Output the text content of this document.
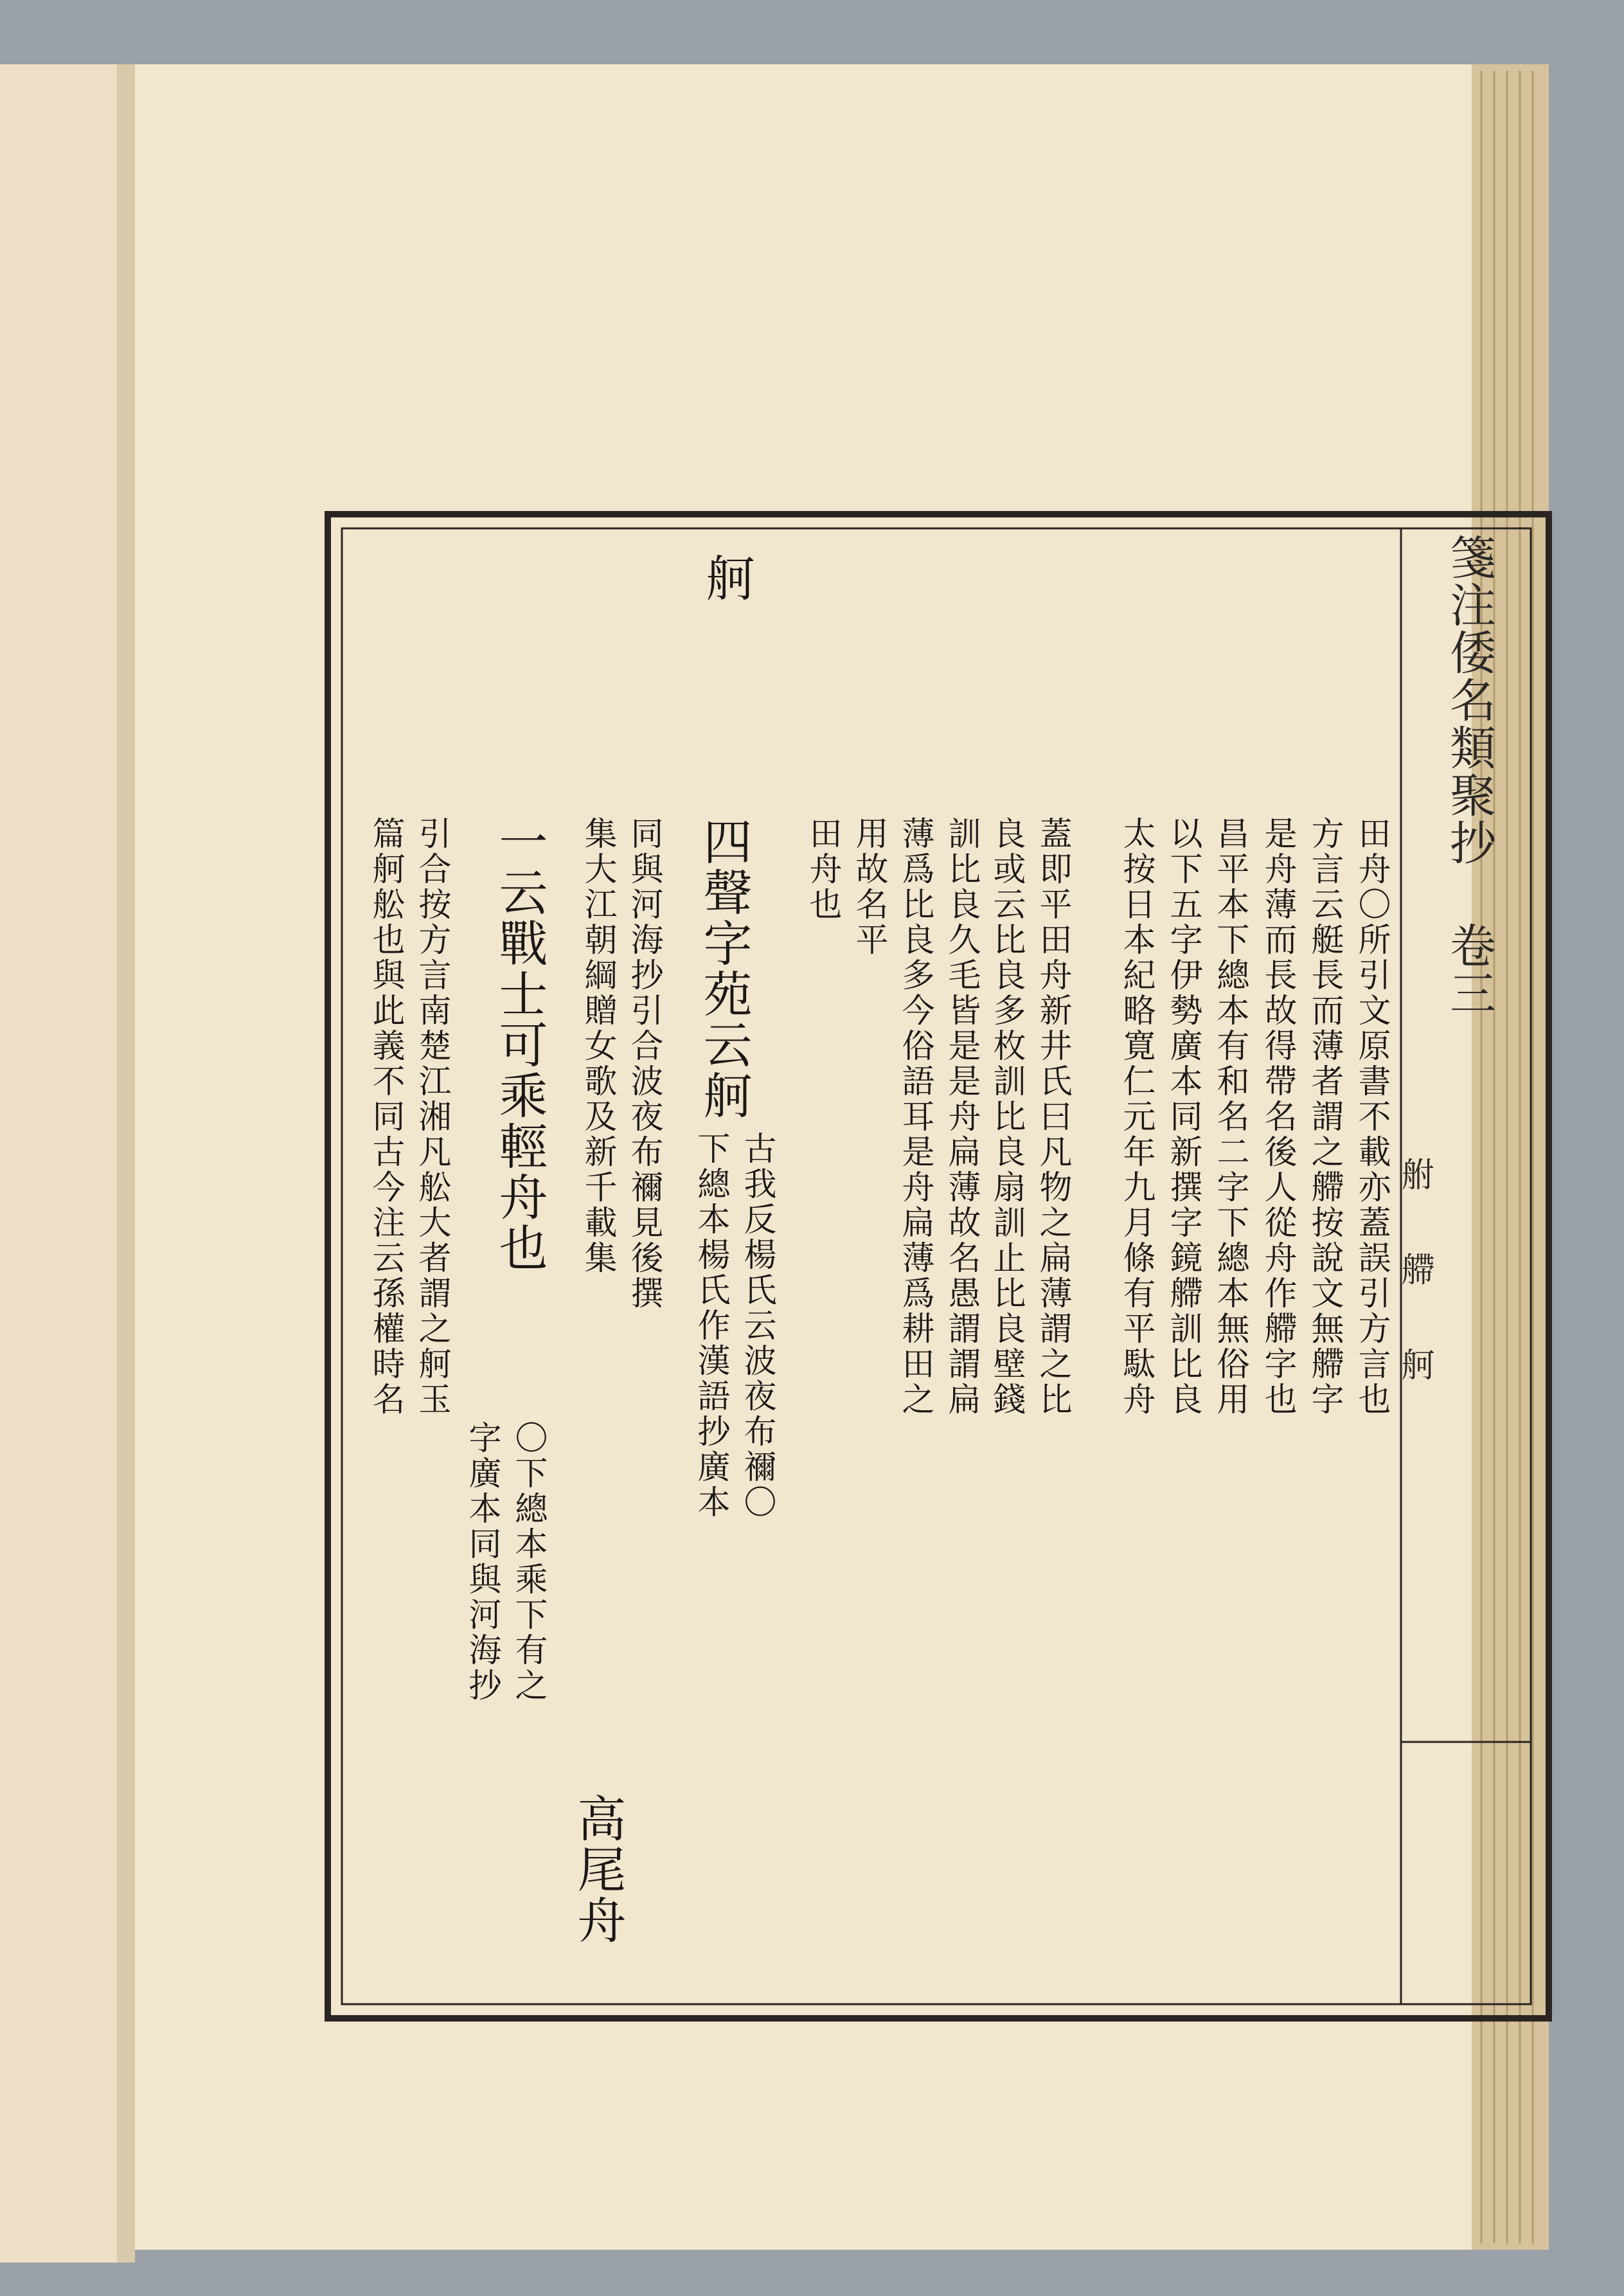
箋注倭名類聚抄 卷三
䑧 艜 舸
舸
田舟〇所引文原書不載亦蓋誤引方言也
方言云艇長而薄者謂之艜按說文無艜字
是舟薄而長故得帶名後人從舟作艜字也
昌平本下總本有和名二字下總本無俗用
以下五字伊勢廣本同新撰字鏡艜訓比良
太按日本紀略寛仁元年九月條有平駄舟
蓋即平田舟新井氏曰凡物之扁薄謂之比
良或云比良多枚訓比良扇訓止比良壁錢
訓比良久毛皆是是舟扁薄故名愚謂謂扁
薄爲比良多今俗語耳是舟扁薄爲耕田之
用故名平
田舟也
四聲字苑云舸
古我反楊氏云波夜布禰〇
下總本楊氏作漢語抄廣本
同與河海抄引合波夜布禰見後撰
高尾舟
集大江朝綱贈女歌及新千載集
一云戰士可乘輕舟也
〇下總本乘下有之
字廣本同與河海抄
引合按方言南楚江湘凡舩大者謂之舸玉
篇舸舩也與此義不同古今注云孫權時名
